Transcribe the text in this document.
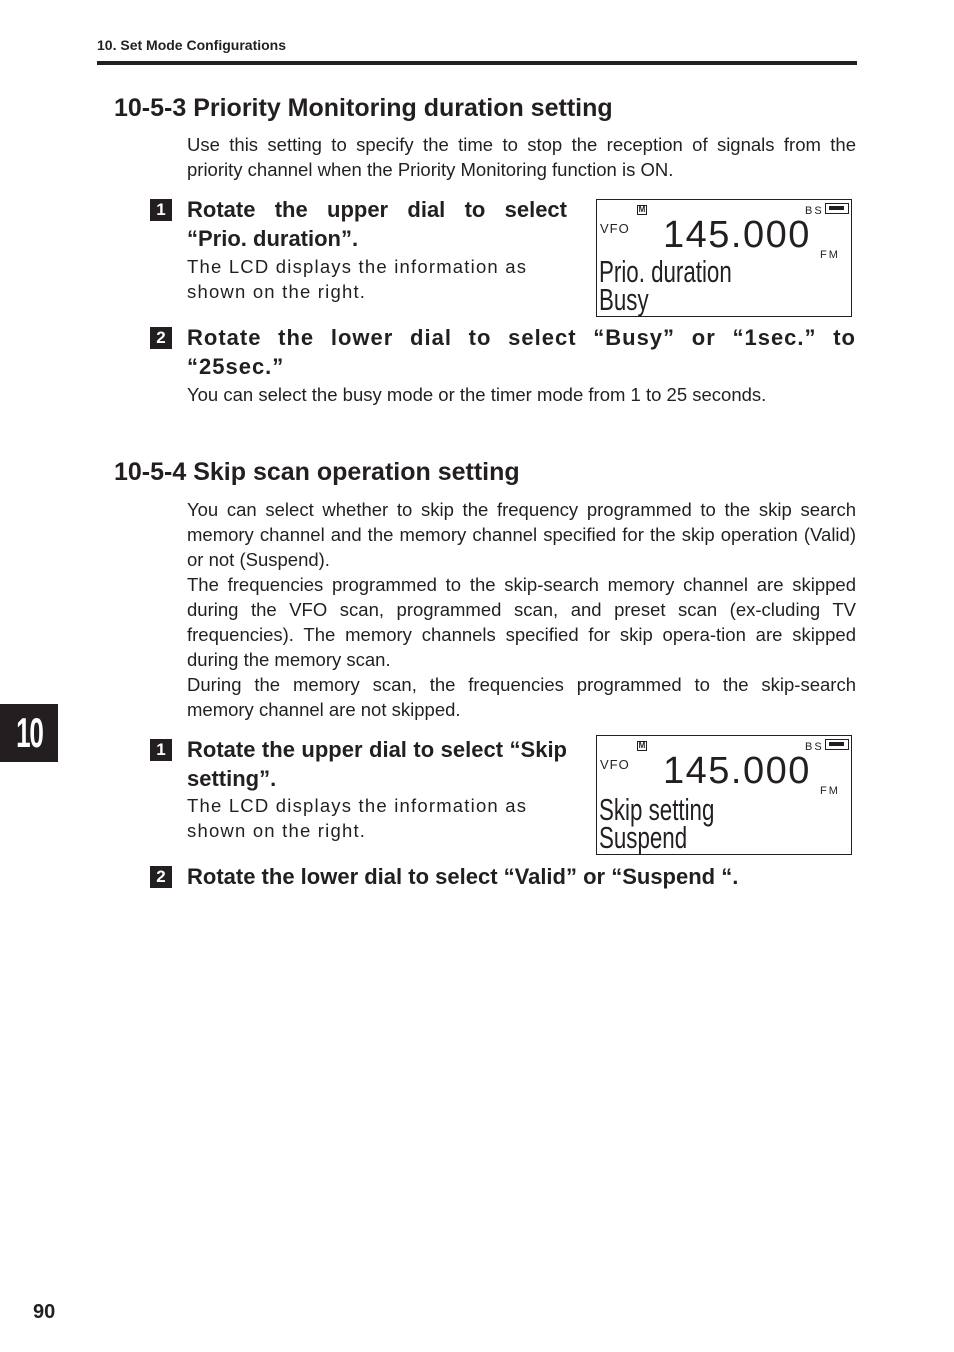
10. Set Mode Configurations
10-5-3 Priority Monitoring duration setting

Use this setting to specify the time to stop the reception of signals from the priority channel when the Priority Monitoring function is ON.

1 Rotate the upper dial to select “Prio. duration”.
The LCD displays the information as shown on the right.
VFO
M	BS
145.000 FM
Prio. duration
Busy
2 Rotate the lower dial to select “Busy” or “1sec.” to “25sec.”
You can select the busy mode or the timer mode from 1 to 25 seconds.
10-5-4 Skip scan operation setting

You can select whether to skip the frequency programmed to the skip search memory channel and the memory channel specified for the skip operation (Valid) or not (Suspend).

The frequencies programmed to the skip-search memory channel are skipped during the VFO scan, programmed scan, and preset scan (ex-cluding TV frequencies). The memory channels specified for skip opera-tion are skipped during the memory scan.

During the memory scan, the frequencies programmed to the skip-search memory channel are not skipped.

1 Rotate the upper dial to select “Skip setting”.
The LCD displays the information as shown on the right.
VFO
M	BS
145.000 FM
Skip setting
Suspend
2 Rotate the lower dial to select “Valid” or “Suspend “.
10
90
